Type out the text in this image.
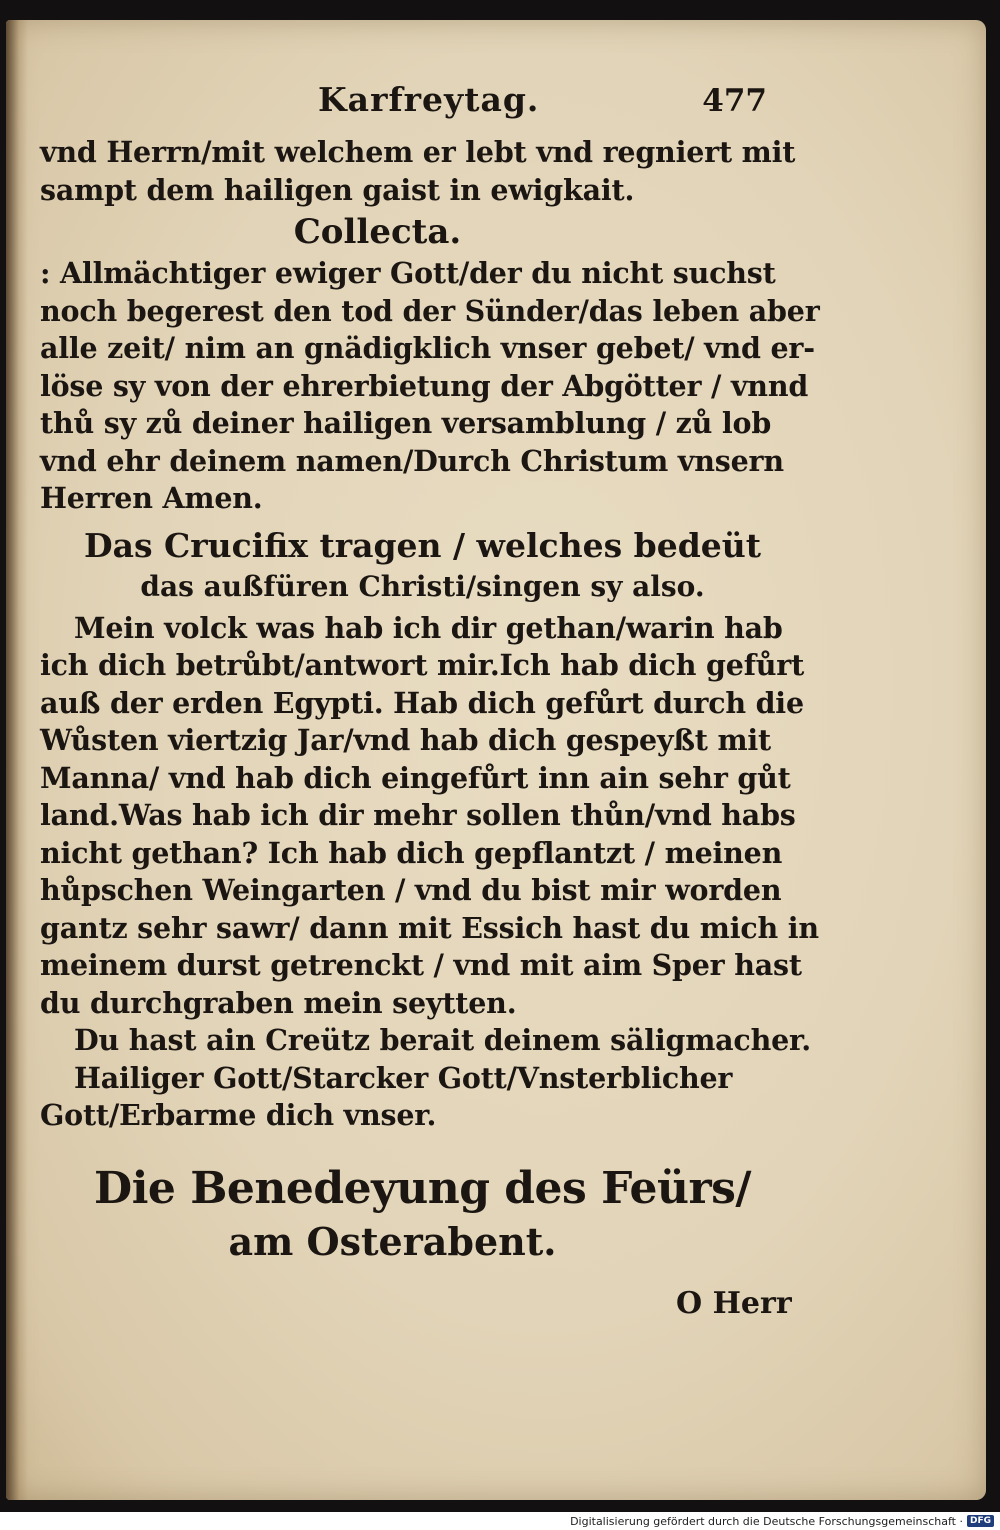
Karfreytag.	477
vnd Herrn/mit welchem er lebt vnd regniert mit
sampt dem hailigen gaist in ewigkait.
Collecta.
: Allmächtiger ewiger Gott/der du nicht suchst
noch begerest den tod der Sünder/das leben aber
alle zeit/ nim an gnädigklich vnser gebet/ vnd er-
löse sy von der ehrerbietung der Abgötter / vnnd
thů sy zů deiner hailigen versamblung / zů lob
vnd ehr deinem namen/Durch Christum vnsern
Herren Amen.
Das Crucifix tragen / welches bedeüt
das außfüren Christi/singen sy also.
Mein volck was hab ich dir gethan/warin hab
ich dich betrůbt/antwort mir.Ich hab dich gefůrt
auß der erden Egypti. Hab dich gefůrt durch die
Wůsten viertzig Jar/vnd hab dich gespeyßt mit
Manna/ vnd hab dich eingefůrt inn ain sehr gůt
land.Was hab ich dir mehr sollen thůn/vnd habs
nicht gethan? Ich hab dich gepflantzt / meinen
hůpschen Weingarten / vnd du bist mir worden
gantz sehr sawr/ dann mit Essich hast du mich in
meinem durst getrenckt / vnd mit aim Sper hast
du durchgraben mein seytten.
Du hast ain Creütz berait deinem säligmacher.
Hailiger Gott/Starcker Gott/Vnsterblicher
Gott/Erbarme dich vnser.
Die Benedeyung des Feürs/
am Osterabent.
O Herr
Digitalisierung gefördert durch die Deutsche Forschungsgemeinschaft · DFG
